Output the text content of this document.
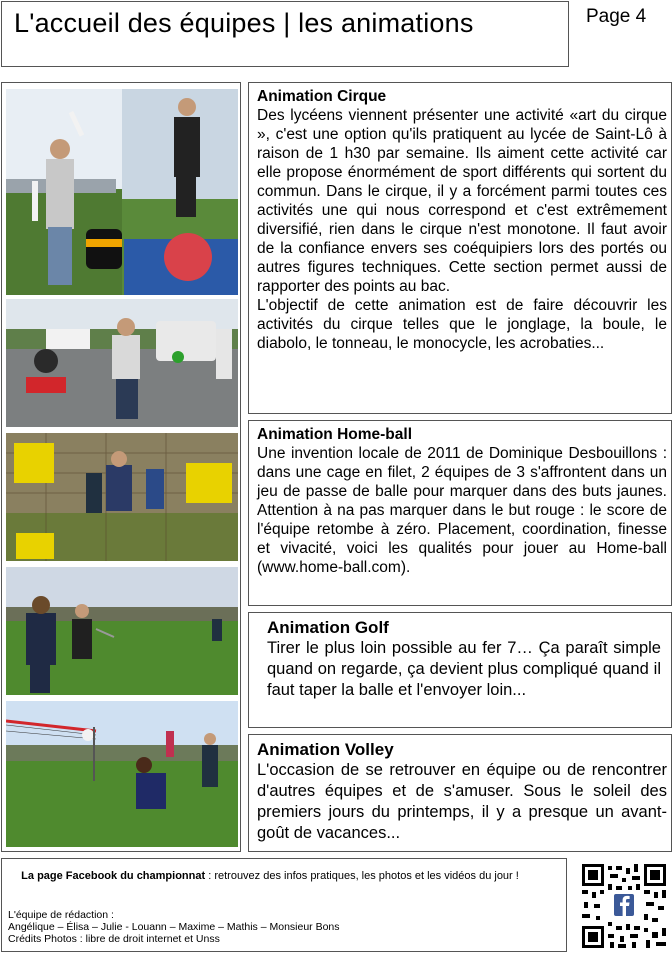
L'accueil des équipes | les animations	Page 4
Animation Cirque
Des lycéens viennent présenter une activité «art du cirque », c'est une option qu'ils pratiquent au lycée de Saint-Lô à raison de 1 h30 par semaine. Ils aiment cette activité car elle propose énormément de sport différents qui sortent du commun. Dans le cirque, il y a forcément parmi toutes ces activités une qui nous correspond et c'est extrêmement diversifié, rien dans le cirque n'est monotone. Il faut avoir de la confiance envers ses coéquipiers lors des portés ou autres figures techniques. Cette section permet aussi de rapporter des points au bac.
L'objectif de cette animation est de faire découvrir les activités du cirque telles que le jonglage, la boule, le diabolo, le tonneau, le monocycle, les acrobaties...
Animation Home-ball
Une invention locale de 2011 de Dominique Desbouillons : dans une cage en filet, 2 équipes de 3 s'affrontent dans un jeu de passe de balle pour marquer dans des buts jaunes. Attention à na pas marquer dans le but rouge : le score de l'équipe retombe à zéro. Placement, coordination, finesse et vivacité, voici les qualités pour jouer au Home-ball (www.home-ball.com).
Animation Golf
Tirer le plus loin possible au fer 7… Ça paraît simple quand on regarde, ça devient plus compliqué quand il faut taper la balle et l'envoyer loin...
Animation Volley
L'occasion de se retrouver en équipe ou de rencontrer d'autres équipes et de s'amuser. Sous le soleil des premiers jours du printemps, il y a presque un avant-goût de vacances...
La page Facebook du championnat : retrouvez des infos pratiques, les photos et les vidéos du jour !
L'équipe de rédaction :
Angélique – Élisa – Julie - Louann – Maxime – Mathis – Monsieur Bons
Crédits Photos : libre de droit internet et Unss
